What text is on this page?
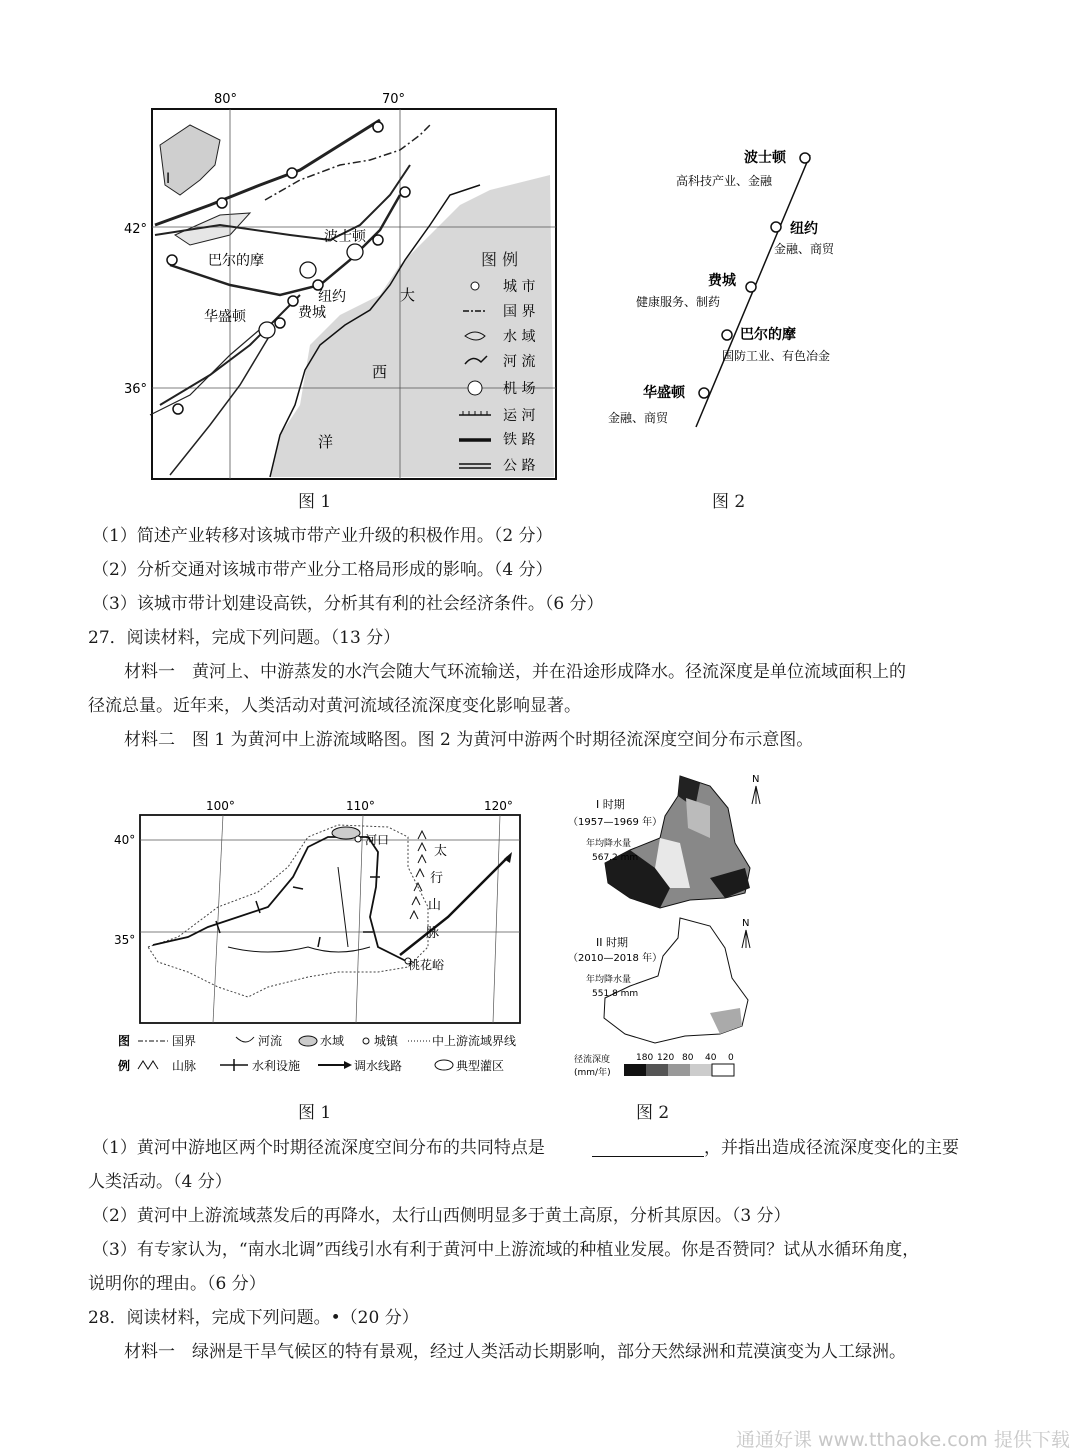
80°	70°
42°
36°
波士顿
巴尔的摩
纽约
华盛顿	费城
大
西
洋
I
图 例
城 市
国 界
水 域
河 流
机 场
运 河
铁 路
公 路
波士顿
高科技产业、金融
纽约
金融、商贸
费城
健康服务、制药
巴尔的摩
国防工业、有色冶金
华盛顿
金融、商贸
图 1	图 2
（1）简述产业转移对该城市带产业升级的积极作用。（2 分）
（2）分析交通对该城市带产业分工格局形成的影响。（4 分）
（3）该城市带计划建设高铁，分析其有利的社会经济条件。（6 分）
27．阅读材料，完成下列问题。（13 分）
材料一　黄河上、中游蒸发的水汽会随大气环流输送，并在沿途形成降水。径流深度是单位流域面积上的
径流总量。近年来，人类活动对黄河流域径流深度变化影响显著。
材料二　图 1 为黄河中上游流域略图。图 2 为黄河中游两个时期径流深度空间分布示意图。
100°	110°	120°
40°
35°
河口
桃花峪
太
行
山
脉
图
例
国界	河流	水域 城镇	中上游流域界线
山脉	水利设施	调水线路	典型灌区
I 时期
（1957—1969 年）
年均降水量
567.2 mm
N
II 时期
（2010—2018 年）
年均降水量
551.8 mm
N
径流深度
(mm/年)
180 120 80 40 0
图 1	图 2
（1）黄河中游地区两个时期径流深度空间分布的共同特点是	，并指出造成径流深度变化的主要
人类活动。（4 分）
（2）黄河中上游流域蒸发后的再降水，太行山西侧明显多于黄土高原，分析其原因。（3 分）
（3）有专家认为，“南水北调”西线引水有利于黄河中上游流域的种植业发展。你是否赞同？试从水循环角度，
说明你的理由。（6 分）
28．阅读材料，完成下列问题。•（20 分）
材料一　绿洲是干旱气候区的特有景观，经过人类活动长期影响，部分天然绿洲和荒漠演变为人工绿洲。
通通好课 www.tthaoke.com 提供下载
